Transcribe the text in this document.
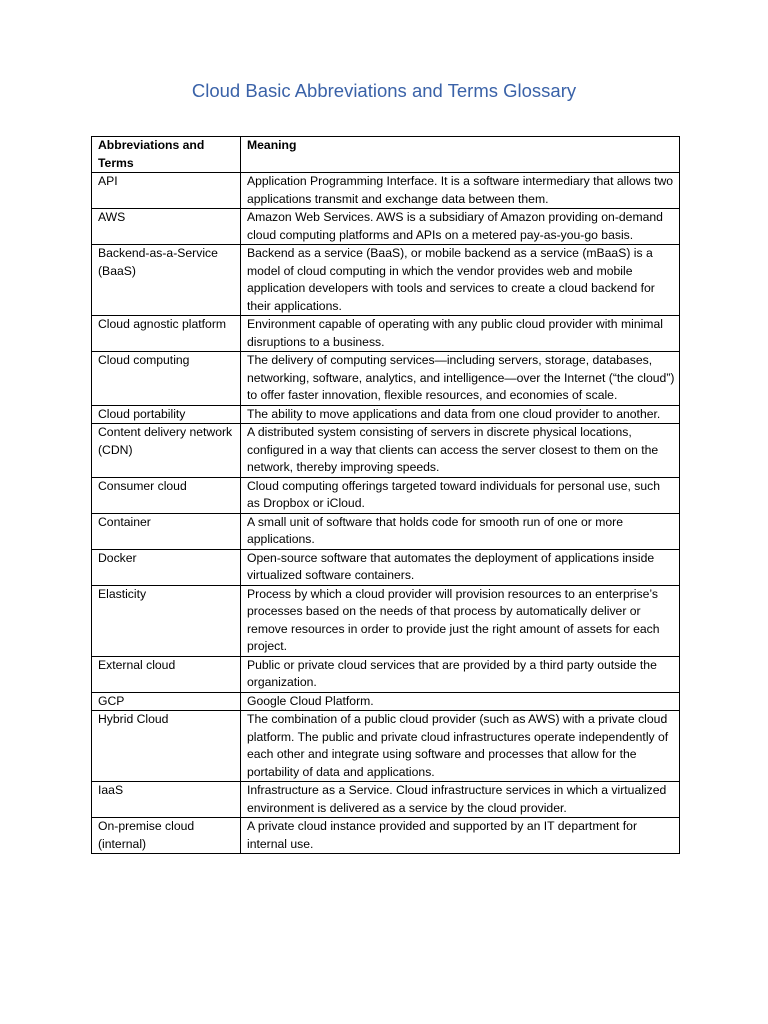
Cloud Basic Abbreviations and Terms Glossary
Abbreviations and Terms	Meaning
API	Application Programming Interface. It is a software intermediary that allows two applications transmit and exchange data between them.
AWS	Amazon Web Services. AWS is a subsidiary of Amazon providing on-demand cloud computing platforms and APIs on a metered pay-as-you-go basis.
Backend-as-a-Service (BaaS)	Backend as a service (BaaS), or mobile backend as a service (mBaaS) is a model of cloud computing in which the vendor provides web and mobile application developers with tools and services to create a cloud backend for their applications.
Cloud agnostic platform	Environment capable of operating with any public cloud provider with minimal disruptions to a business.
Cloud computing	The delivery of computing services—including servers, storage, databases, networking, software, analytics, and intelligence—over the Internet (“the cloud”) to offer faster innovation, flexible resources, and economies of scale.
Cloud portability	The ability to move applications and data from one cloud provider to another.
Content delivery network (CDN)	A distributed system consisting of servers in discrete physical locations, configured in a way that clients can access the server closest to them on the network, thereby improving speeds.
Consumer cloud	Cloud computing offerings targeted toward individuals for personal use, such as Dropbox or iCloud.
Container	A small unit of software that holds code for smooth run of one or more applications.
Docker	Open-source software that automates the deployment of applications inside virtualized software containers.
Elasticity	Process by which a cloud provider will provision resources to an enterprise’s processes based on the needs of that process by automatically deliver or remove resources in order to provide just the right amount of assets for each project.
External cloud	Public or private cloud services that are provided by a third party outside the organization.
GCP	Google Cloud Platform.
Hybrid Cloud	The combination of a public cloud provider (such as AWS) with a private cloud platform. The public and private cloud infrastructures operate independently of each other and integrate using software and processes that allow for the portability of data and applications.
IaaS	Infrastructure as a Service. Cloud infrastructure services in which a virtualized environment is delivered as a service by the cloud provider.
On-premise cloud (internal)	A private cloud instance provided and supported by an IT department for internal use.
